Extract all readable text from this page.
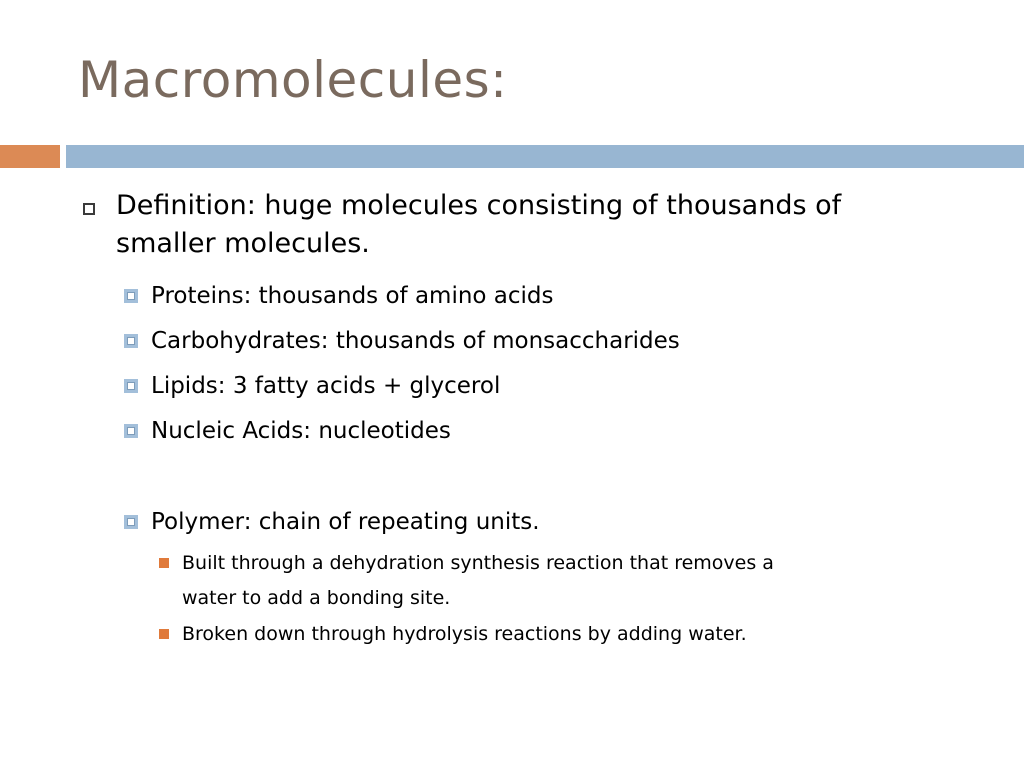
Macromolecules:
Definition: huge molecules consisting of thousands of
smaller molecules.
Proteins: thousands of amino acids
Carbohydrates: thousands of monsaccharides
Lipids: 3 fatty acids + glycerol
Nucleic Acids: nucleotides
Polymer: chain of repeating units.
Built through a dehydration synthesis reaction that removes a
water to add a bonding site.
Broken down through hydrolysis reactions by adding water.
